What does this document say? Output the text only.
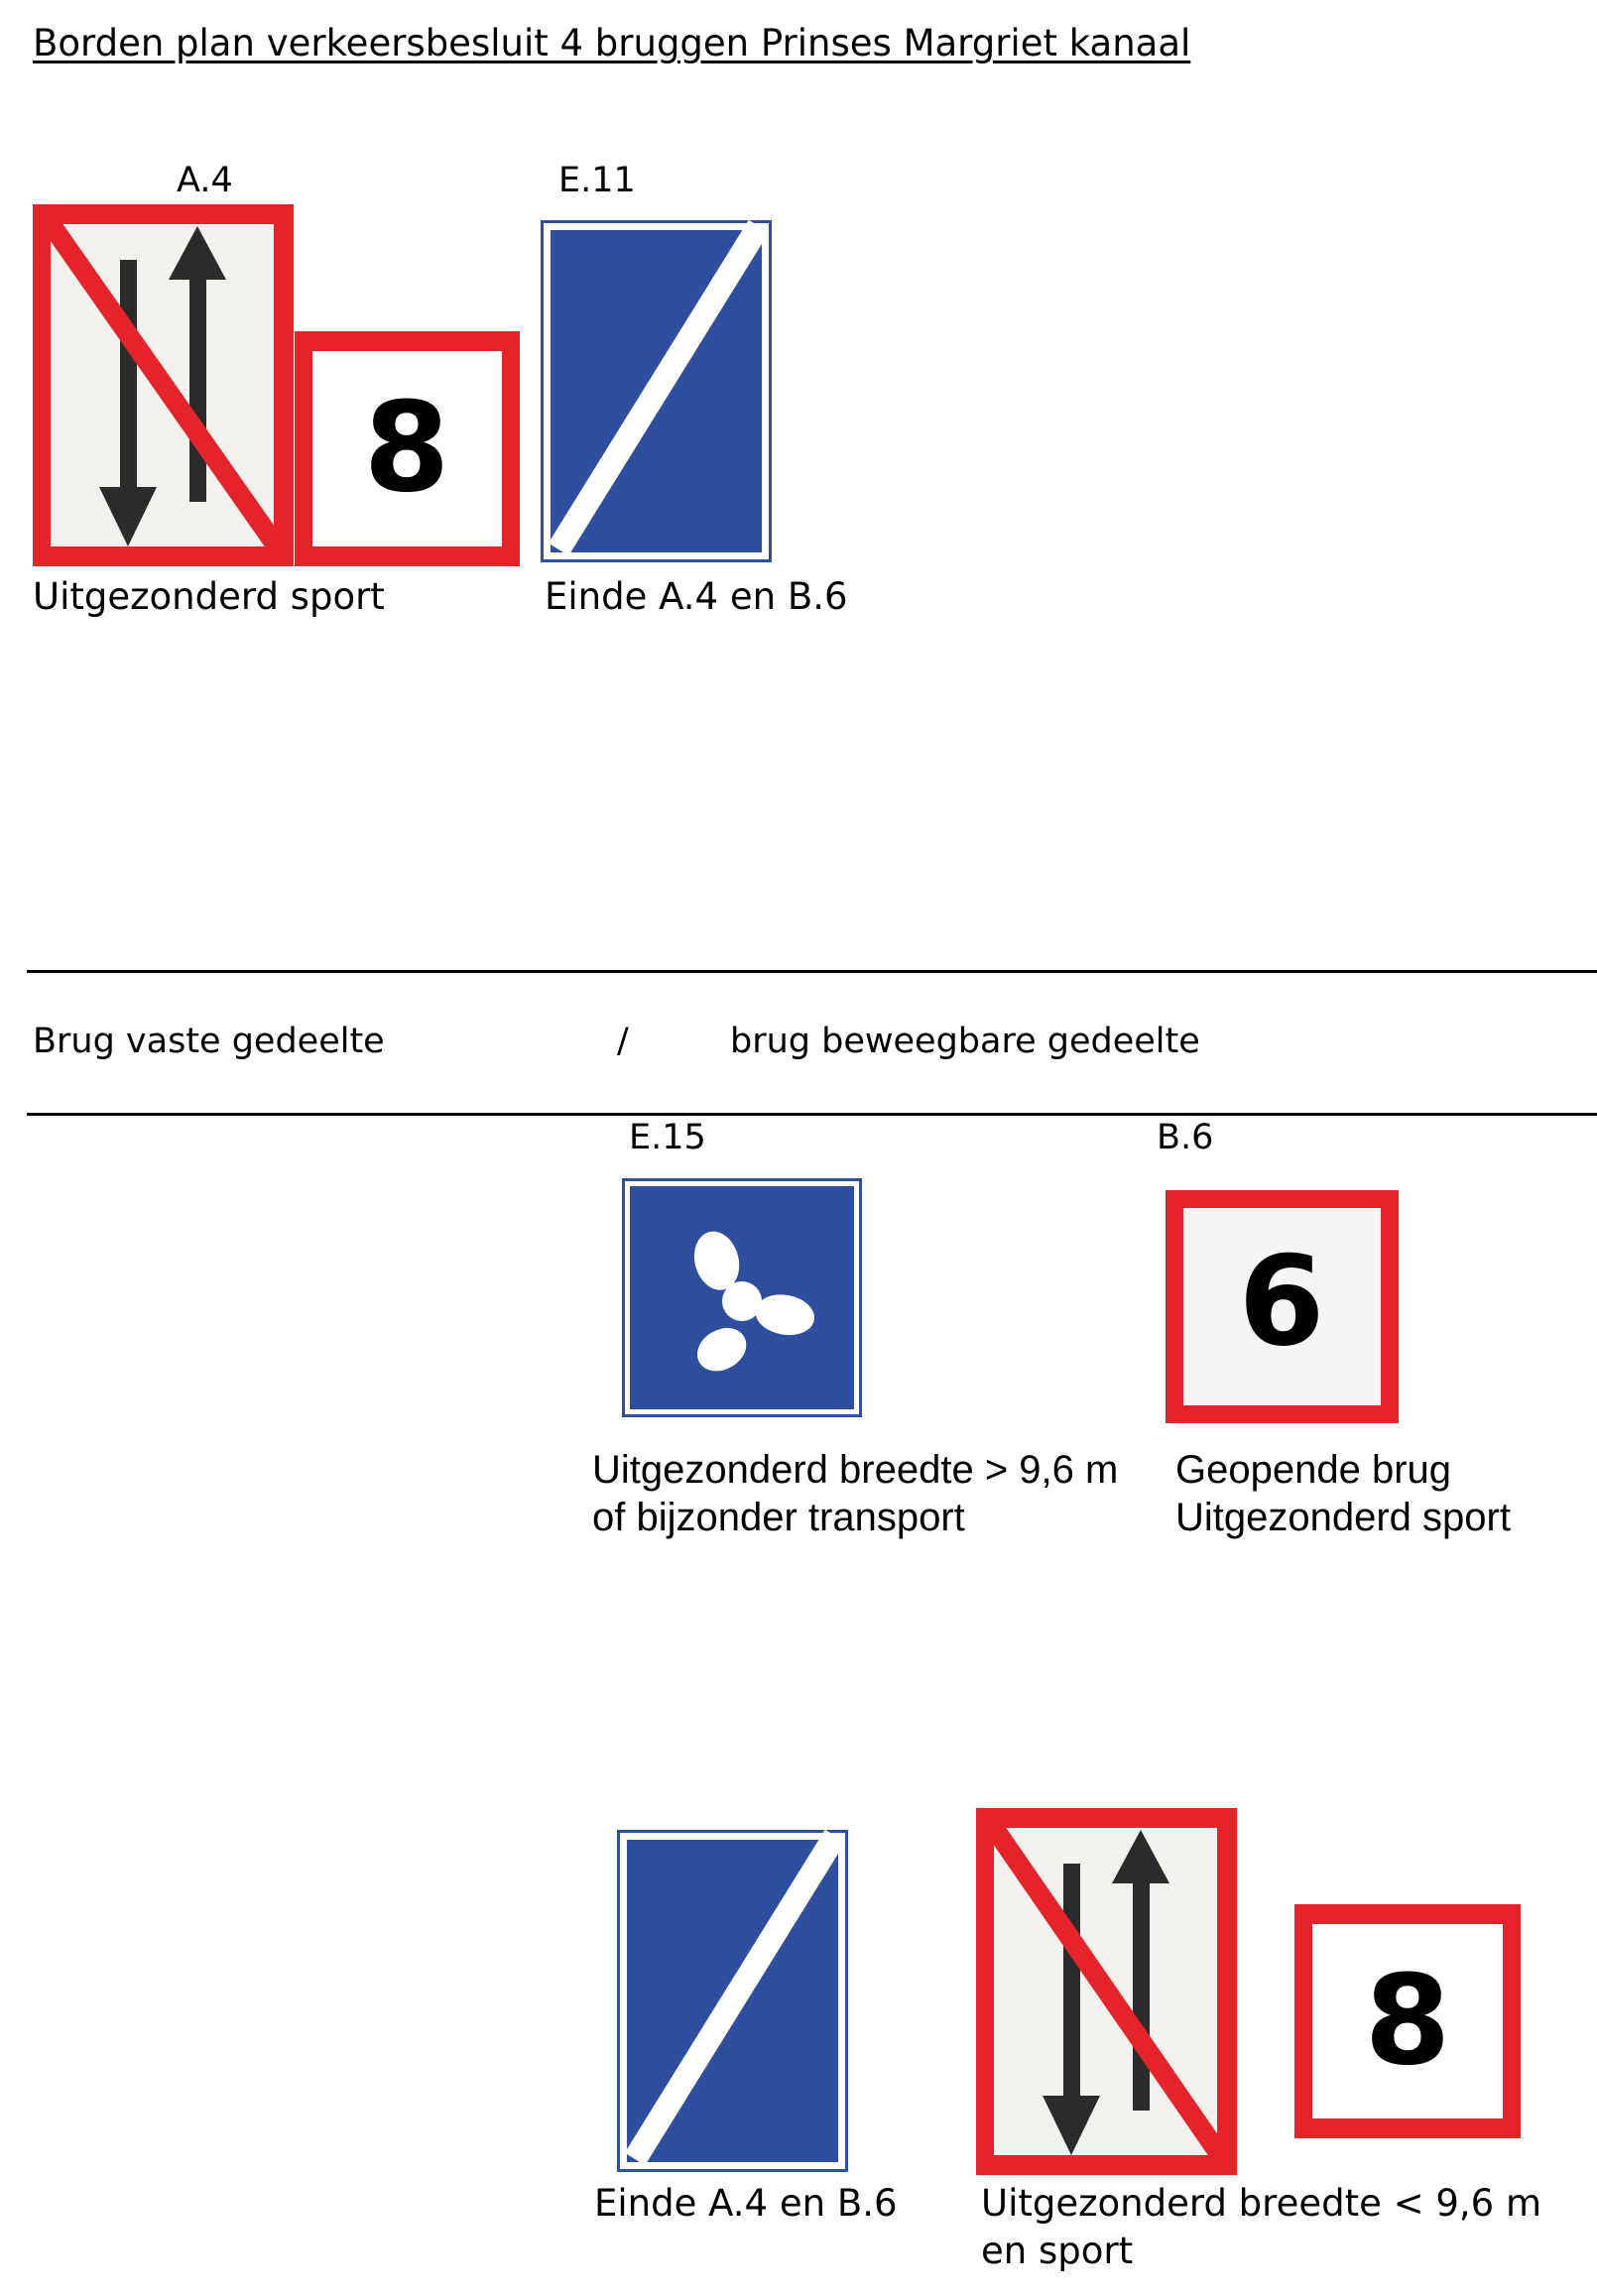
Borden plan verkeersbesluit 4 bruggen Prinses Margriet kanaal
A.4	E.11
8
Uitgezonderd sport	Einde A.4 en B.6
Brug vaste gedeelte	/	brug beweegbare gedeelte
E.15	B.6
6
Uitgezonderd breedte > 9,6 m
of bijzonder transport
Geopende brug
Uitgezonderd sport
8
Einde A.4 en B.6 Uitgezonderd breedte < 9,6 m
en sport
